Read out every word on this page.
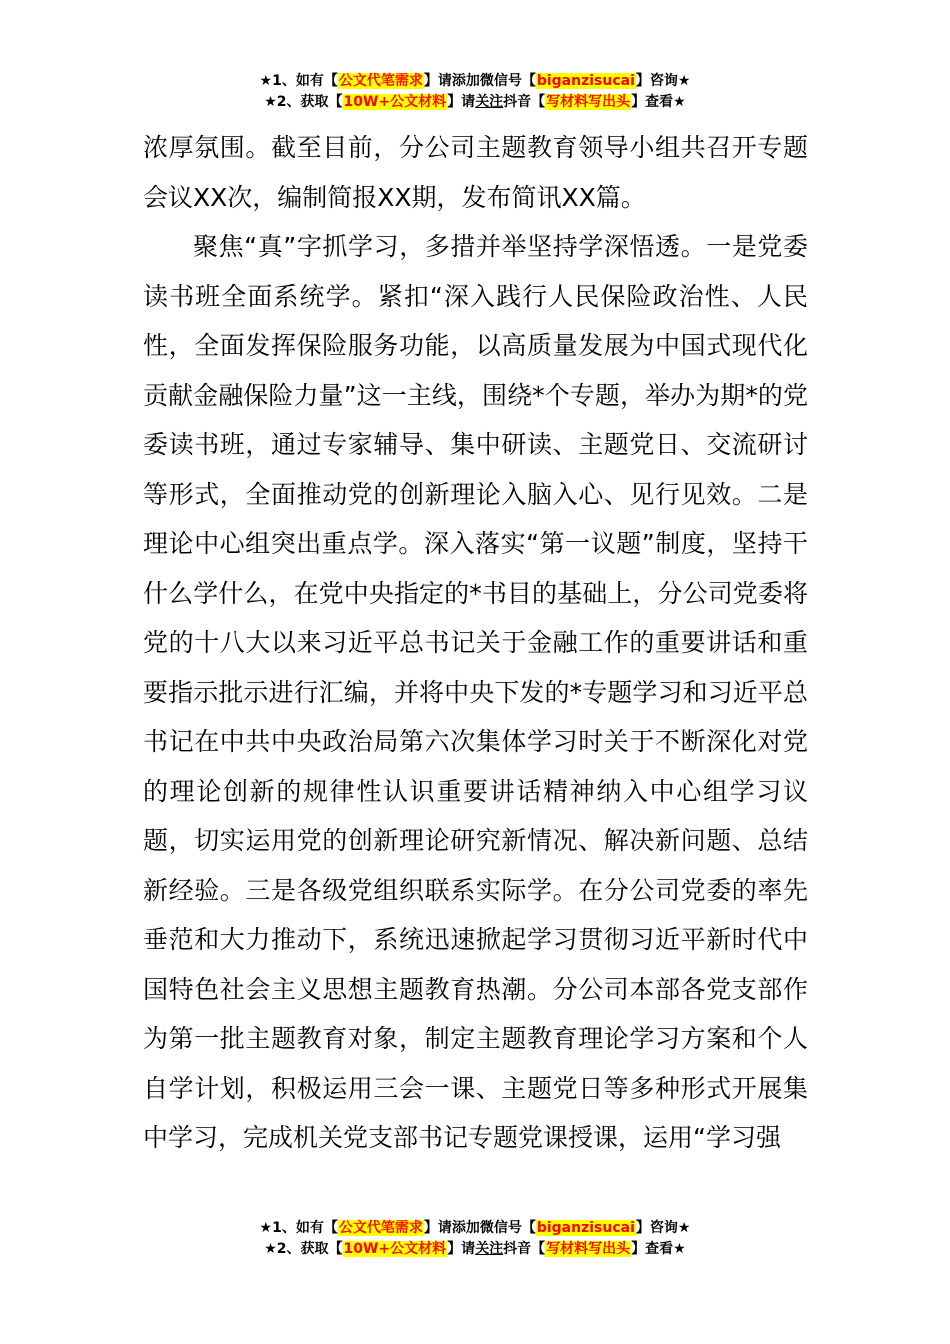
★1、如有【公文代笔需求】请添加微信号【biganzisucai】咨询★
★2、获取【10W+公文材料】请关注抖音【写材料写出头】查看★

浓厚氛围。截至目前，分公司主题教育领导小组共召开专题会议XX次，编制简报XX期，发布简讯XX篇。

聚焦“真”字抓学习，多措并举坚持学深悟透。一是党委读书班全面系统学。紧扣“深入践行人民保险政治性、人民性，全面发挥保险服务功能，以高质量发展为中国式现代化贡献金融保险力量”这一主线，围绕*个专题，举办为期*的党委读书班，通过专家辅导、集中研读、主题党日、交流研讨等形式，全面推动党的创新理论入脑入心、见行见效。二是理论中心组突出重点学。深入落实“第一议题”制度，坚持干什么学什么，在党中央指定的*书目的基础上，分公司党委将党的十八大以来习近平总书记关于金融工作的重要讲话和重要指示批示进行汇编，并将中央下发的*专题学习和习近平总书记在中共中央政治局第六次集体学习时关于不断深化对党的理论创新的规律性认识重要讲话精神纳入中心组学习议题，切实运用党的创新理论研究新情况、解决新问题、总结新经验。三是各级党组织联系实际学。在分公司党委的率先垂范和大力推动下，系统迅速掀起学习贯彻习近平新时代中国特色社会主义思想主题教育热潮。分公司本部各党支部作为第一批主题教育对象，制定主题教育理论学习方案和个人自学计划，积极运用三会一课、主题党日等多种形式开展集中学习，完成机关党支部书记专题党课授课，运用“学习强

★1、如有【公文代笔需求】请添加微信号【biganzisucai】咨询★
★2、获取【10W+公文材料】请关注抖音【写材料写出头】查看★
